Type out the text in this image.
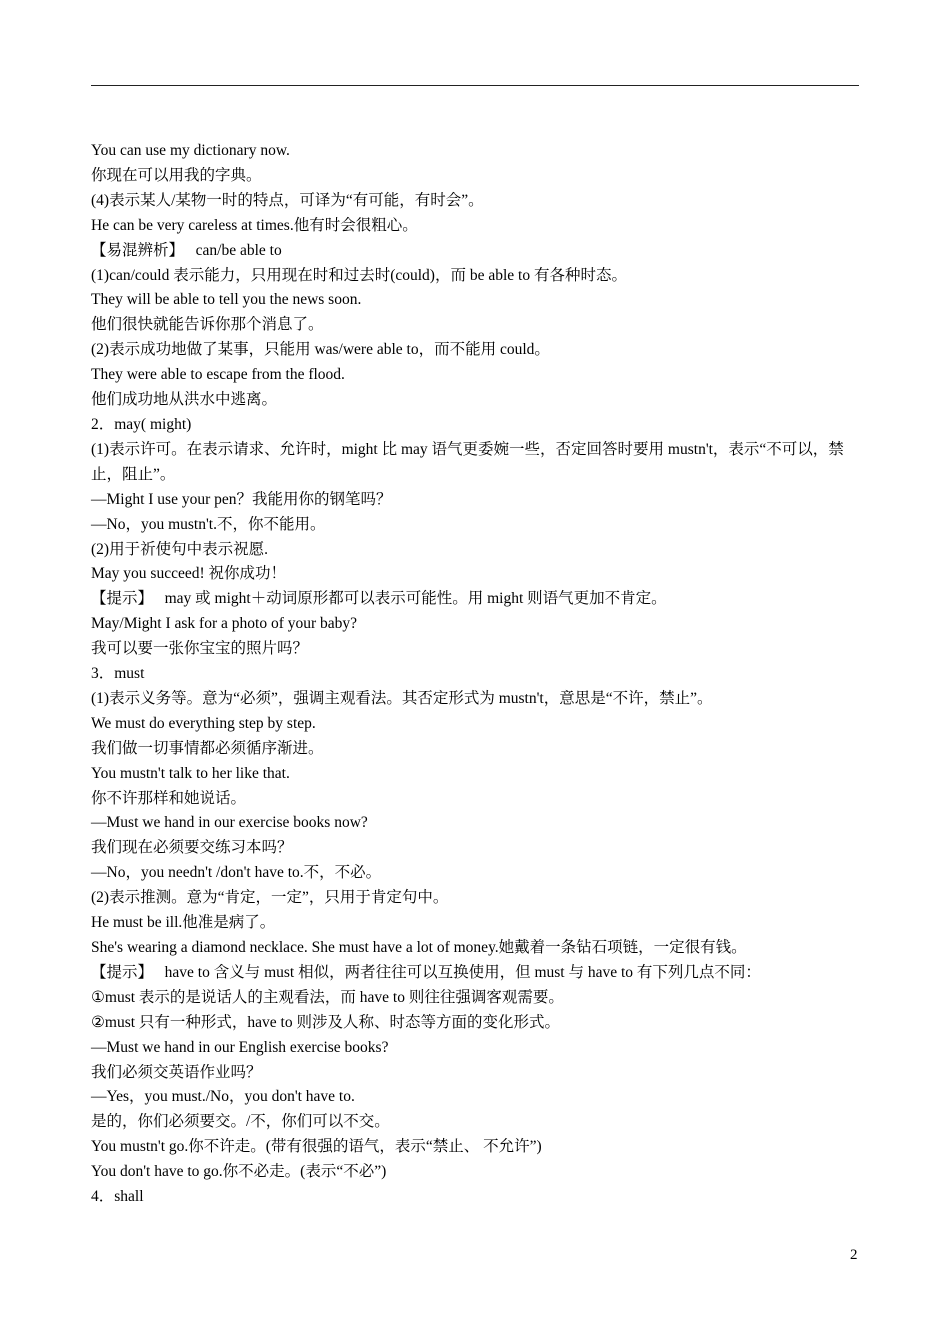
You can use my dictionary now.
你现在可以用我的字典。
(4)表示某人/某物一时的特点，可译为“有可能，有时会”。
He can be very careless at times.他有时会很粗心。
【易混辨析】   can/be able to
(1)can/could 表示能力，只用现在时和过去时(could)，而 be able to 有各种时态。
They will be able to tell you the news soon.
他们很快就能告诉你那个消息了。
(2)表示成功地做了某事，只能用 was/were able to，而不能用 could。
They were able to escape from the flood.
他们成功地从洪水中逃离。
2．may( might)
(1)表示许可。在表示请求、允许时，might 比 may 语气更委婉一些，否定回答时要用 mustn't，表示“不可以，禁止，阻止”。
—Might I use your pen？我能用你的钢笔吗？
—No，you mustn't.不，你不能用。
(2)用于祈使句中表示祝愿.
May you succeed! 祝你成功！
【提示】   may 或 might＋动词原形都可以表示可能性。用 might 则语气更加不肯定。
May/Might I ask for a photo of your baby?
我可以要一张你宝宝的照片吗？
3．must
(1)表示义务等。意为“必须”，强调主观看法。其否定形式为 mustn't，意思是“不许，禁止”。
We must do everything step by step.
我们做一切事情都必须循序渐进。
You mustn't talk to her like that.
你不许那样和她说话。
—Must we hand in our exercise books now?
我们现在必须要交练习本吗？
—No，you needn't /don't have to.不，不必。
(2)表示推测。意为“肯定，一定”，只用于肯定句中。
He must be ill.他准是病了。
She's wearing a diamond necklace. She must have a lot of money.她戴着一条钻石项链，一定很有钱。
【提示】   have to 含义与 must 相似，两者往往可以互换使用，但 must 与 have to 有下列几点不同：
①must 表示的是说话人的主观看法，而 have to 则往往强调客观需要。
②must 只有一种形式，have to 则涉及人称、时态等方面的变化形式。
—Must we hand in our English exercise books?
我们必须交英语作业吗？
—Yes，you must./No，you don't have to.
是的，你们必须要交。/不，你们可以不交。
You mustn't go.你不许走。(带有很强的语气，表示“禁止、 不允许”)
You don't have to go.你不必走。(表示“不必”)
4．shall
2
